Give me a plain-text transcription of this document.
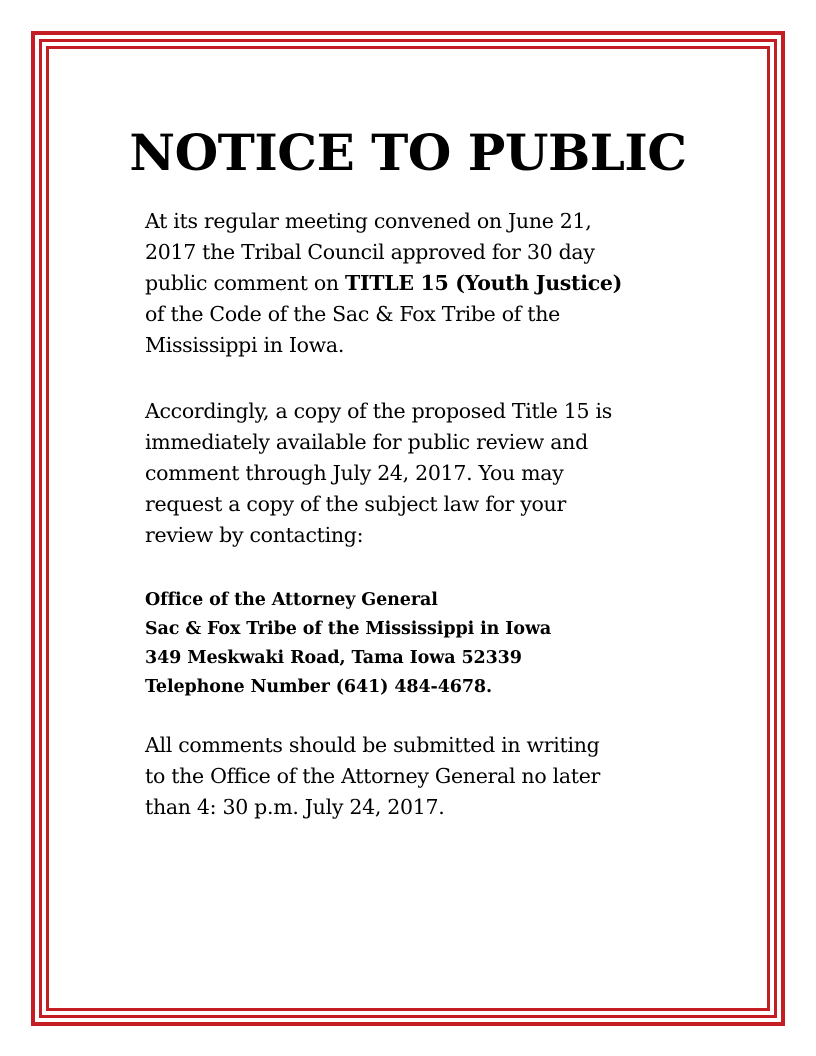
NOTICE TO PUBLIC

At its regular meeting convened on June 21,
2017 the Tribal Council approved for 30 day
public comment on TITLE 15 (Youth Justice)
of the Code of the Sac & Fox Tribe of the
Mississippi in Iowa.

Accordingly, a copy of the proposed Title 15 is
immediately available for public review and
comment through July 24, 2017. You may
request a copy of the subject law for your
review by contacting:

Office of the Attorney General
Sac & Fox Tribe of the Mississippi in Iowa
349 Meskwaki Road, Tama Iowa 52339
Telephone Number (641) 484-4678.

All comments should be submitted in writing
to the Office of the Attorney General no later
than 4: 30 p.m. July 24, 2017.
